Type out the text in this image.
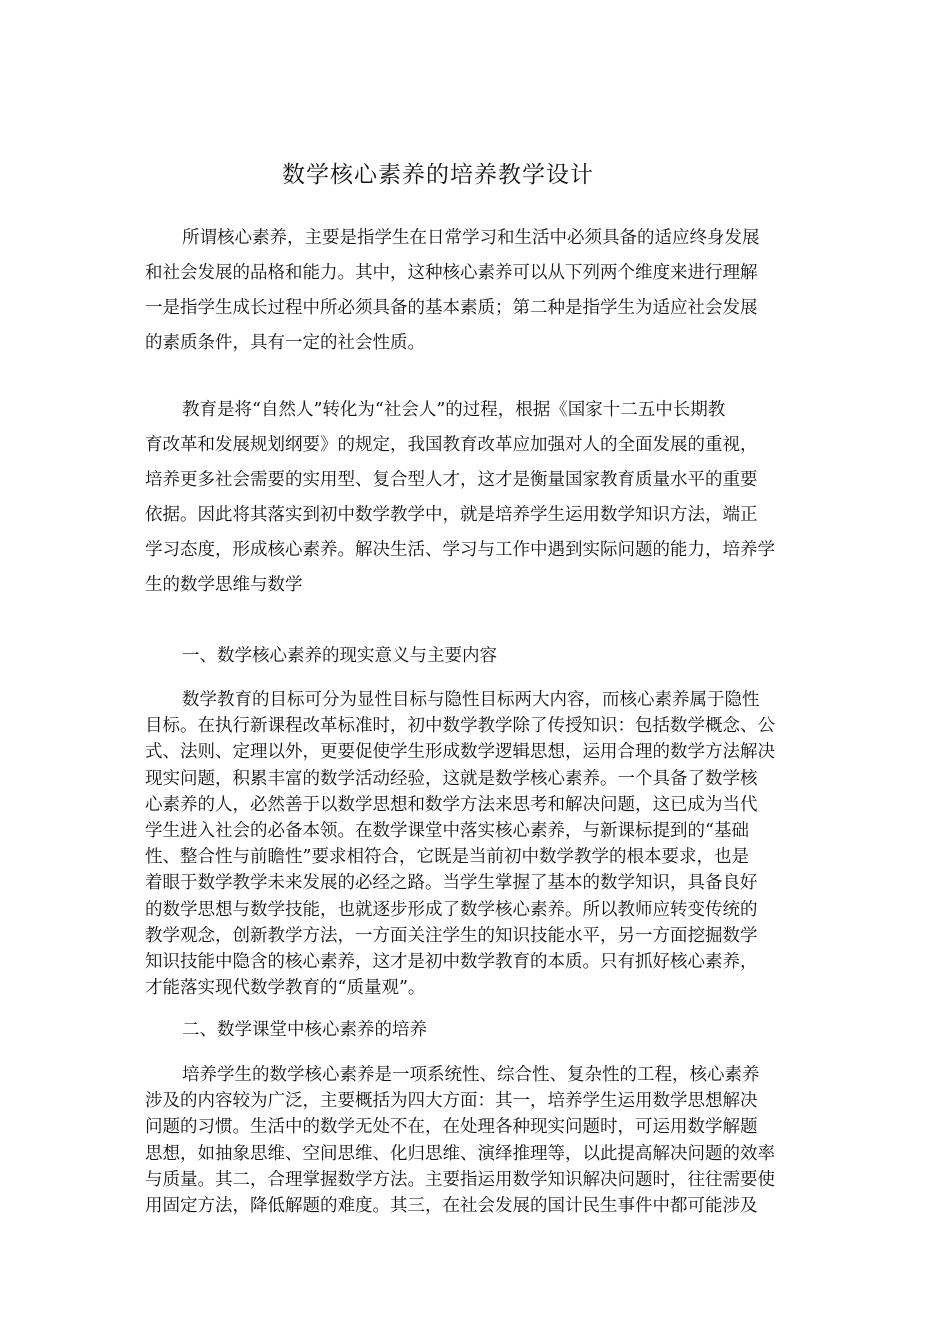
数学核心素养的培养教学设计

所谓核心素养，主要是指学生在日常学习和生活中必须具备的适应终身发展
和社会发展的品格和能力。其中，这种核心素养可以从下列两个维度来进行理解
一是指学生成长过程中所必须具备的基本素质；第二种是指学生为适应社会发展
的素质条件，具有一定的社会性质。

教育是将“自然人”转化为“社会人”的过程，根据《国家十二五中长期教
育改革和发展规划纲要》的规定，我国教育改革应加强对人的全面发展的重视，
培养更多社会需要的实用型、复合型人才，这才是衡量国家教育质量水平的重要
依据。因此将其落实到初中数学教学中，就是培养学生运用数学知识方法，端正
学习态度，形成核心素养。解决生活、学习与工作中遇到实际问题的能力，培养学
生的数学思维与数学

一、数学核心素养的现实意义与主要内容

数学教育的目标可分为显性目标与隐性目标两大内容，而核心素养属于隐性
目标。在执行新课程改革标准时，初中数学教学除了传授知识：包括数学概念、公
式、法则、定理以外，更要促使学生形成数学逻辑思想，运用合理的数学方法解决
现实问题，积累丰富的数学活动经验，这就是数学核心素养。一个具备了数学核
心素养的人，必然善于以数学思想和数学方法来思考和解决问题，这已成为当代
学生进入社会的必备本领。在数学课堂中落实核心素养，与新课标提到的“基础
性、整合性与前瞻性”要求相符合，它既是当前初中数学教学的根本要求，也是
着眼于数学教学未来发展的必经之路。当学生掌握了基本的数学知识，具备良好
的数学思想与数学技能，也就逐步形成了数学核心素养。所以教师应转变传统的
教学观念，创新教学方法，一方面关注学生的知识技能水平，另一方面挖掘数学
知识技能中隐含的核心素养，这才是初中数学教育的本质。只有抓好核心素养，
才能落实现代数学教育的“质量观”。

二、数学课堂中核心素养的培养

培养学生的数学核心素养是一项系统性、综合性、复杂性的工程，核心素养
涉及的内容较为广泛，主要概括为四大方面：其一，培养学生运用数学思想解决
问题的习惯。生活中的数学无处不在，在处理各种现实问题时，可运用数学解题
思想，如抽象思维、空间思维、化归思维、演绎推理等，以此提高解决问题的效率
与质量。其二，合理掌握数学方法。主要指运用数学知识解决问题时，往往需要使
用固定方法，降低解题的难度。其三，在社会发展的国计民生事件中都可能涉及
